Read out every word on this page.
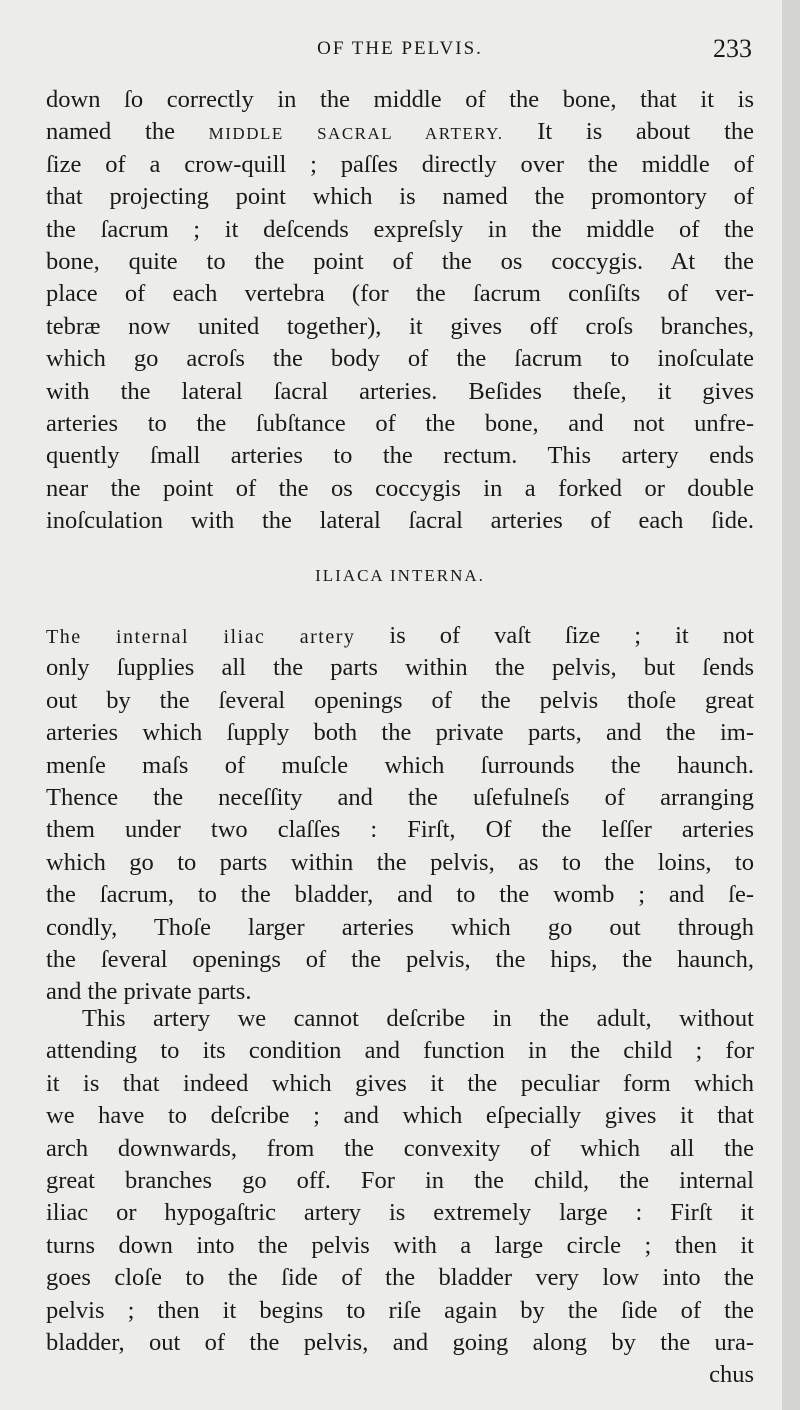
OF THE PELVIS.	233
down ſo correctly in the middle of the bone, that it is
named the MIDDLE SACRAL ARTERY. It is about the
ſize of a crow-quill ; paſſes directly over the middle of
that projecting point which is named the promontory of
the ſacrum ; it deſcends expreſsly in the middle of the
bone, quite to the point of the os coccygis. At the
place of each vertebra (for the ſacrum conſiſts of ver-
tebræ now united together), it gives off croſs branches,
which go acroſs the body of the ſacrum to inoſculate
with the lateral ſacral arteries. Beſides theſe, it gives
arteries to the ſubſtance of the bone, and not unfre-
quently ſmall arteries to the rectum. This artery ends
near the point of the os coccygis in a forked or double
inoſculation with the lateral ſacral arteries of each ſide.
ILIACA INTERNA.
The internal iliac artery is of vaſt ſize ; it not
only ſupplies all the parts within the pelvis, but ſends
out by the ſeveral openings of the pelvis thoſe great
arteries which ſupply both the private parts, and the im-
menſe maſs of muſcle which ſurrounds the haunch.
Thence the neceſſity and the uſefulneſs of arranging
them under two claſſes : Firſt, Of the leſſer arteries
which go to parts within the pelvis, as to the loins, to
the ſacrum, to the bladder, and to the womb ; and ſe-
condly, Thoſe larger arteries which go out through
the ſeveral openings of the pelvis, the hips, the haunch,
and the private parts.
This artery we cannot deſcribe in the adult, without
attending to its condition and function in the child ; for
it is that indeed which gives it the peculiar form which
we have to deſcribe ; and which eſpecially gives it that
arch downwards, from the convexity of which all the
great branches go off. For in the child, the internal
iliac or hypogaſtric artery is extremely large : Firſt it
turns down into the pelvis with a large circle ; then it
goes cloſe to the ſide of the bladder very low into the
pelvis ; then it begins to riſe again by the ſide of the
bladder, out of the pelvis, and going along by the ura-
chus
